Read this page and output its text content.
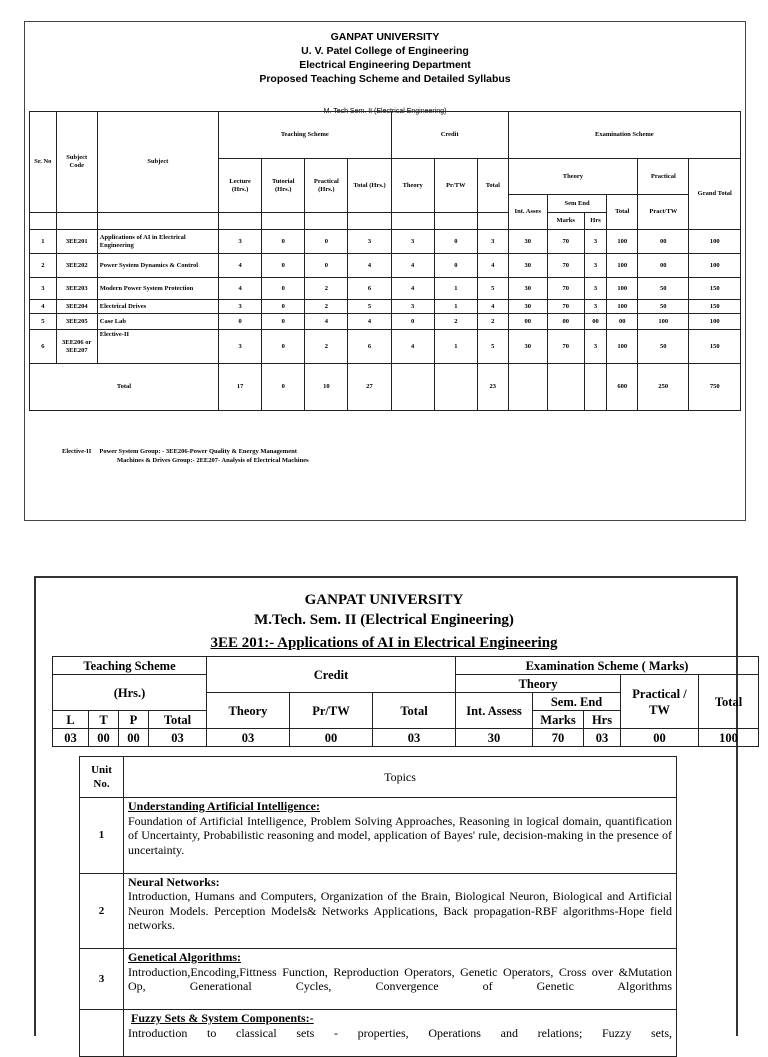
GANPAT UNIVERSITY
U. V. Patel College of Engineering
Electrical Engineering Department
Proposed Teaching Scheme and Detailed Syllabus
M. Tech Sem. II (Electrical Engineering)
Sr. No	Subject Code	Subject	Teaching Scheme				Credit			Examination Scheme					
			Lecture (Hrs.)	Tutorial (Hrs.)	Practical (Hrs.)	Total (Hrs.)	Theory	Pr/TW	Total	Theory				Practical	Grand Total
										Int. Asses	Sem End		Total	Pract/TW	
											Marks	Hrs			
1	3EE201	Applications of AI in Electrical Engineering	3	0	0	3	3	0	3	30	70	3	100	00	100
2	3EE202	Power System Dynamics & Control	4	0	0	4	4	0	4	30	70	3	100	00	100
3	3EE203	Modern Power System Protection	4	0	2	6	4	1	5	30	70	3	100	50	150
4	3EE204	Electrical Drives	3	0	2	5	3	1	4	30	70	3	100	50	150
5	3EE205	Case Lab	0	0	4	4	0	2	2	00	00	00	00	100	100
6	3EE206 or 3EE207	Elective-II	3	0	2	6	4	1	5	30	70	3	100	50	150
Total			17	0	10	27			23				600	250	750
Elective-II     Power System Group: - 3EE206-Power Quality & Energy Management
Machines & Drives Group:- 2EE207- Analysis of Electrical Machines
GANPAT UNIVERSITY
M.Tech. Sem. II (Electrical Engineering)
3EE 201:- Applications of AI in Electrical Engineering
Teaching Scheme				Credit			Examination Scheme ( Marks)				
(Hrs.)							Theory			Practical / TW	Total
				Theory	Pr/TW	Total	Int. Assess	Sem. End			
L	T	P	Total					Marks	Hrs		
03	00	00	03	03	00	03	30	70	03	00	100
Unit No.	Topics
1	Understanding Artificial Intelligence:
Foundation of Artificial Intelligence, Problem Solving Approaches, Reasoning in logical domain, quantification of Uncertainty, Probabilistic reasoning and model, application of Bayes' rule, decision-making in the presence of uncertainty.

2	Neural Networks:
Introduction, Humans and Computers, Organization of the Brain, Biological Neuron, Biological and Artificial Neuron Models. Perception Models& Networks Applications, Back propagation-RBF algorithms-Hope field networks.

3	Genetical Algorithms:
Introduction,Encoding,Fittness Function, Reproduction Operators, Genetic Operators, Cross over &Mutation Op, Generational Cycles, Convergence of Genetic Algorithms

	Fuzzy Sets & System Components:-
Introduction to classical sets - properties, Operations and relations; Fuzzy sets,
